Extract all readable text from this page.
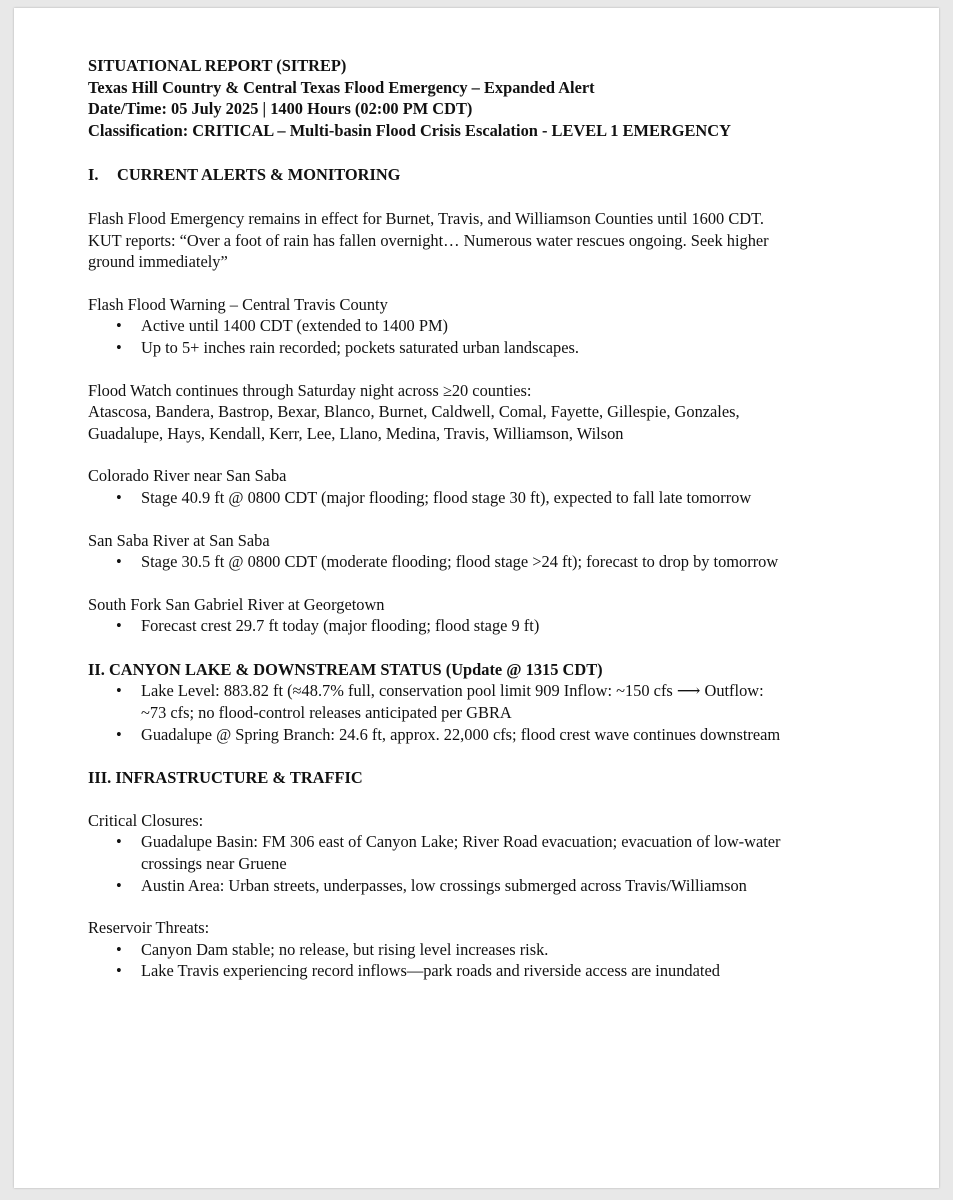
SITUATIONAL REPORT (SITREP)
Texas Hill Country & Central Texas Flood Emergency – Expanded Alert
Date/Time: 05 July 2025 | 1400 Hours (02:00 PM CDT)
Classification: CRITICAL – Multi-basin Flood Crisis Escalation - LEVEL 1 EMERGENCY
I. CURRENT ALERTS & MONITORING
Flash Flood Emergency remains in effect for Burnet, Travis, and Williamson Counties until 1600 CDT.
KUT reports: “Over a foot of rain has fallen overnight… Numerous water rescues ongoing. Seek higher
ground immediately”
Flash Flood Warning – Central Travis County
• Active until 1400 CDT (extended to 1400 PM)
• Up to 5+ inches rain recorded; pockets saturated urban landscapes.
Flood Watch continues through Saturday night across ≥20 counties:
Atascosa, Bandera, Bastrop, Bexar, Blanco, Burnet, Caldwell, Comal, Fayette, Gillespie, Gonzales,
Guadalupe, Hays, Kendall, Kerr, Lee, Llano, Medina, Travis, Williamson, Wilson
Colorado River near San Saba
• Stage 40.9 ft @ 0800 CDT (major flooding; flood stage 30 ft), expected to fall late tomorrow
San Saba River at San Saba
• Stage 30.5 ft @ 0800 CDT (moderate flooding; flood stage >24 ft); forecast to drop by tomorrow
South Fork San Gabriel River at Georgetown
• Forecast crest 29.7 ft today (major flooding; flood stage 9 ft)
II. CANYON LAKE & DOWNSTREAM STATUS (Update @ 1315 CDT)
• Lake Level: 883.82 ft (≈48.7% full, conservation pool limit 909 Inflow: ~150 cfs ⟶ Outflow:
~73 cfs; no flood-control releases anticipated per GBRA
• Guadalupe @ Spring Branch: 24.6 ft, approx. 22,000 cfs; flood crest wave continues downstream
III. INFRASTRUCTURE & TRAFFIC
Critical Closures:
• Guadalupe Basin: FM 306 east of Canyon Lake; River Road evacuation; evacuation of low-water
crossings near Gruene
• Austin Area: Urban streets, underpasses, low crossings submerged across Travis/Williamson
Reservoir Threats:
• Canyon Dam stable; no release, but rising level increases risk.
• Lake Travis experiencing record inflows—park roads and riverside access are inundated
